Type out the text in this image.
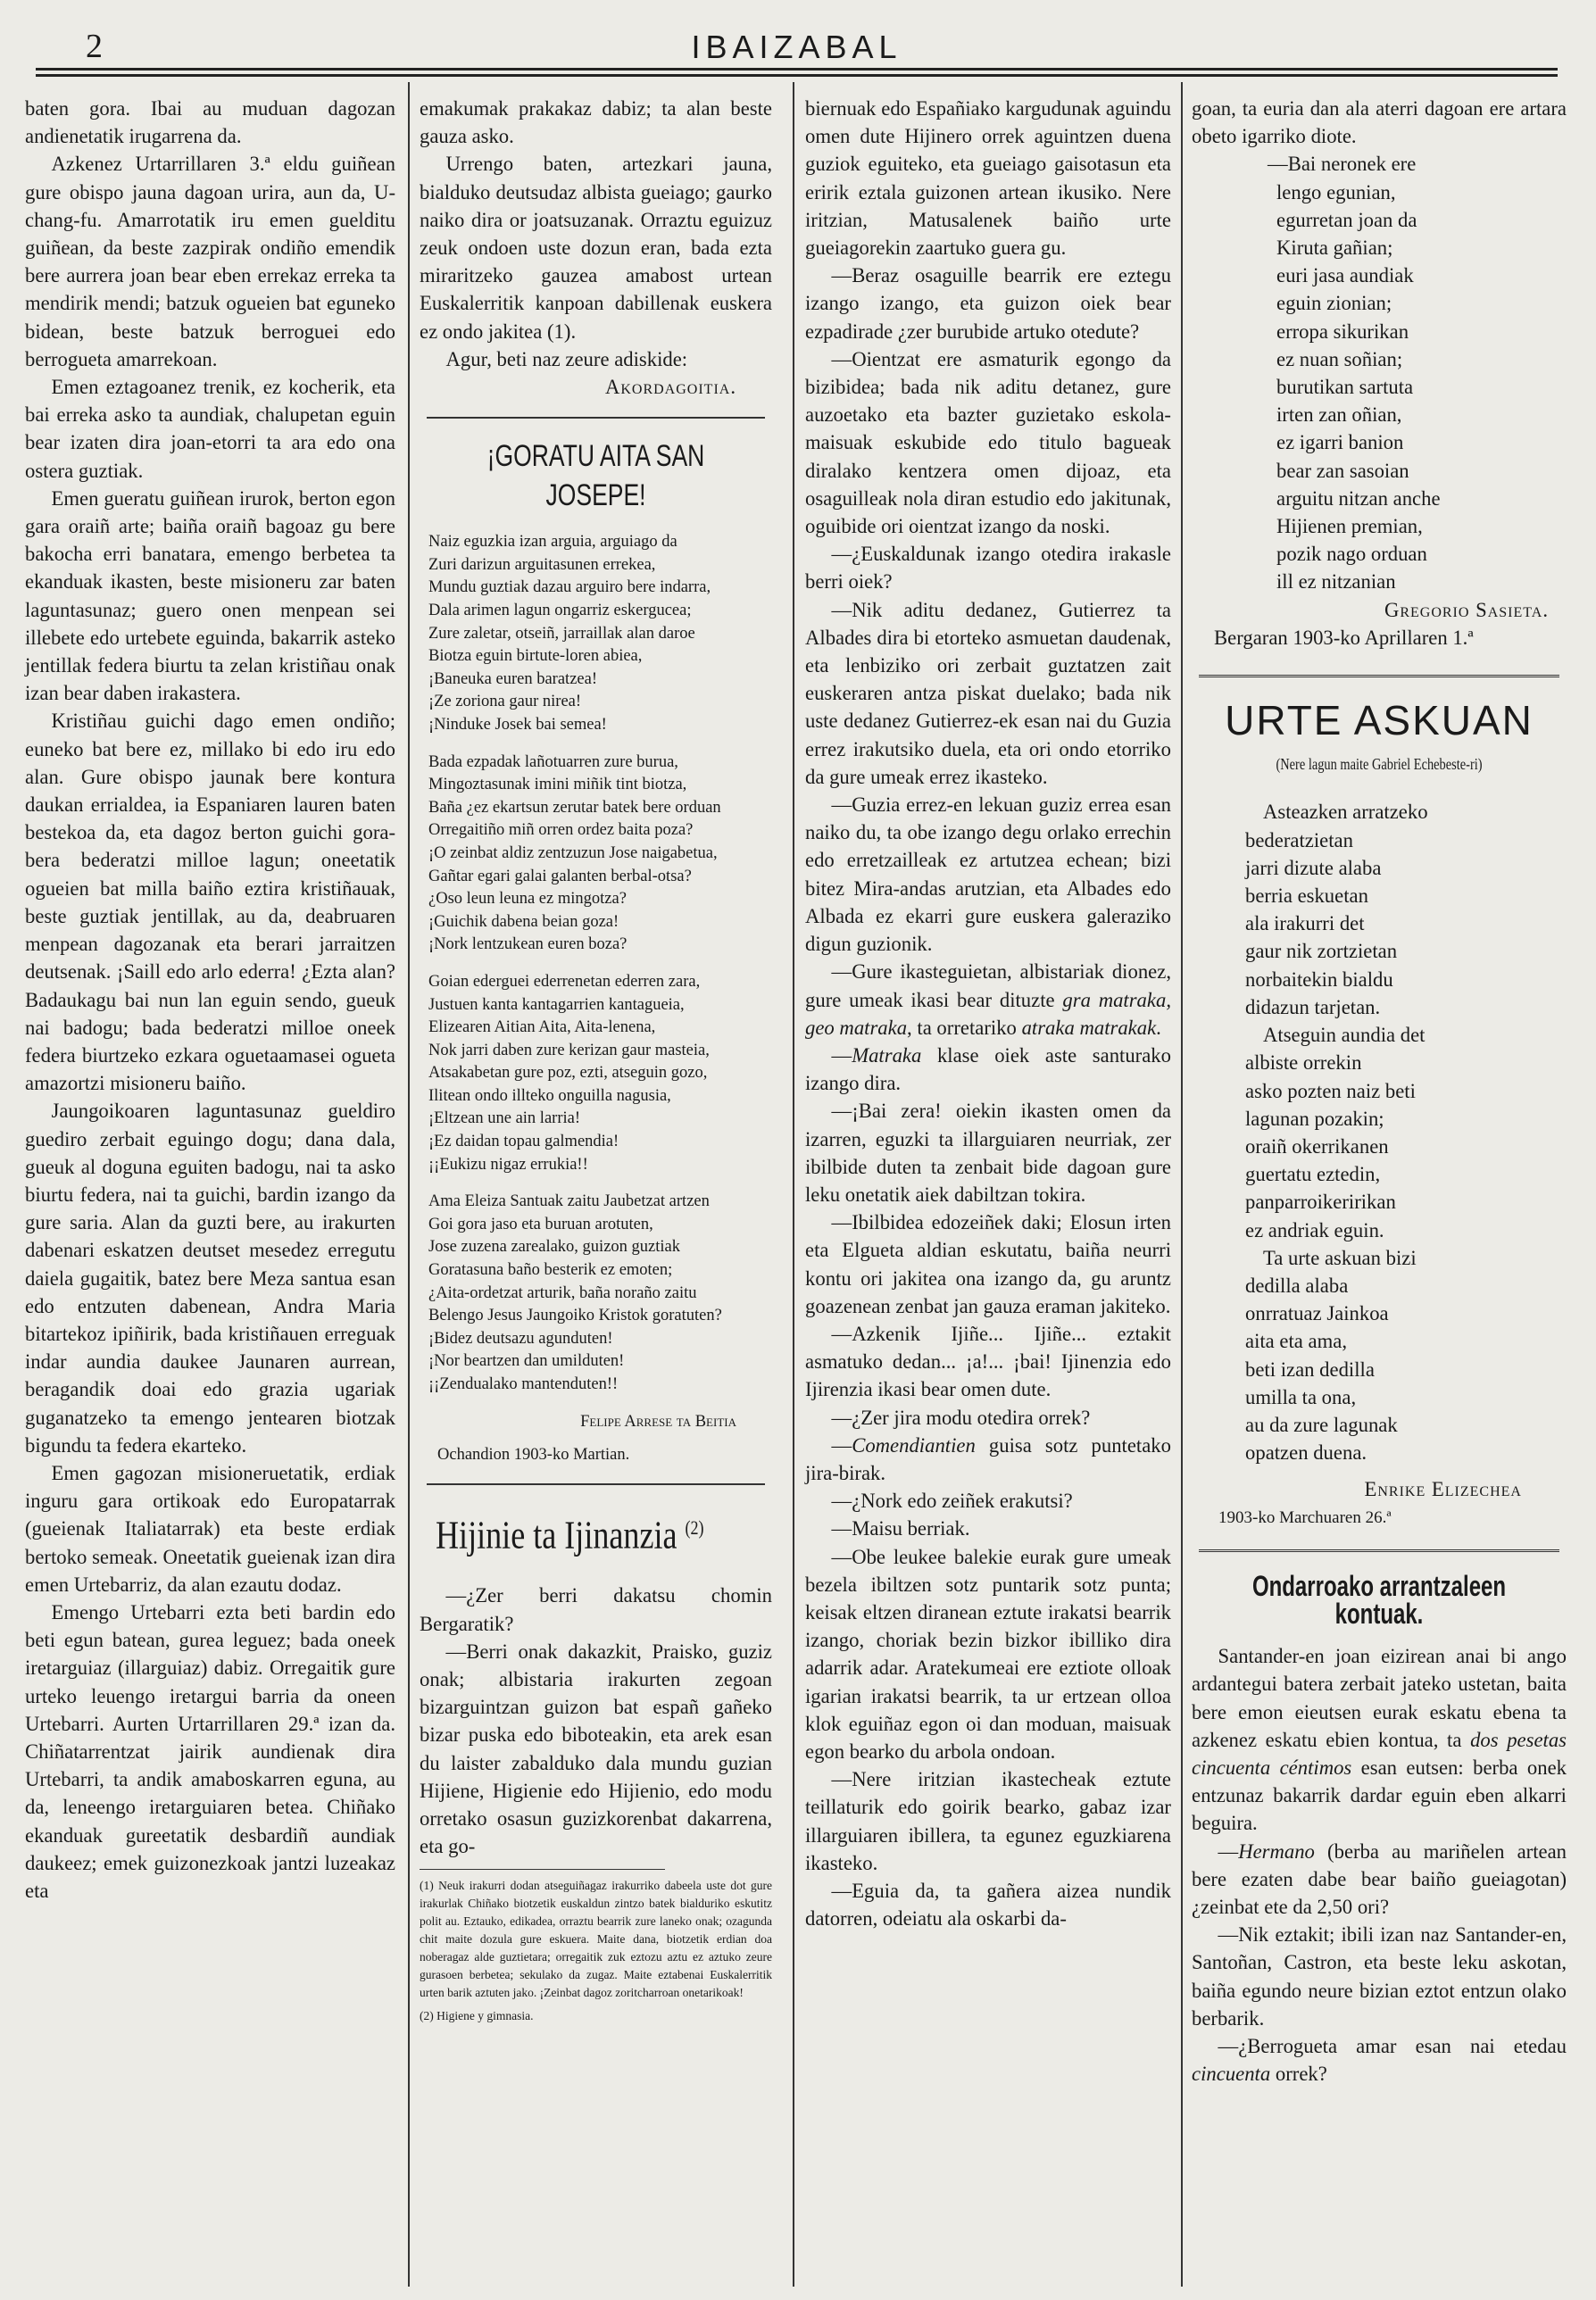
2	IBAIZABAL

baten gora. Ibai au muduan dagozan andienetatik irugarrena da.

Azkenez Urtarrillaren 3.ª eldu guiñean gure obispo jauna dagoan urira, aun da, U-chang-fu. Amarrotatik iru emen guelditu guiñean, da beste zazpirak ondiño emendik bere aurrera joan bear eben errekaz erreka ta mendirik mendi; batzuk ogueien bat eguneko bidean, beste batzuk berroguei edo berrogueta amarrekoan.

Emen eztagoanez trenik, ez kocherik, eta bai erreka asko ta aundiak, chalupetan eguin bear izaten dira joan-etorri ta ara edo ona ostera guztiak.

Emen gueratu guiñean irurok, berton egon gara oraiñ arte; baiña oraiñ bagoaz gu bere bakocha erri banatara, emengo berbetea ta ekanduak ikasten, beste misioneru zar baten laguntasunaz; guero onen menpean sei illebete edo urtebete eguinda, bakarrik asteko jentillak federa biurtu ta zelan kristiñau onak izan bear daben irakastera.

Kristiñau guichi dago emen ondiño; euneko bat bere ez, millako bi edo iru edo alan. Gure obispo jaunak bere kontura daukan errialdea, ia Espaniaren lauren baten bestekoa da, eta dagoz berton guichi gora-bera bederatzi milloe lagun; oneetatik ogueien bat milla baiño eztira kristiñauak, beste guztiak jentillak, au da, deabruaren menpean dagozanak eta berari jarraitzen deutsenak. ¡Saill edo arlo ederra! ¿Ezta alan? Badaukagu bai nun lan eguin sendo, gueuk nai badogu; bada bederatzi milloe oneek federa biurtzeko ezkara oguetaamasei ogueta amazortzi misioneru baiño.

Jaungoikoaren laguntasunaz gueldiro guediro zerbait eguingo dogu; dana dala, gueuk al doguna eguiten badogu, nai ta asko biurtu federa, nai ta guichi, bardin izango da gure saria. Alan da guzti bere, au irakurten dabenari eskatzen deutset mesedez erregutu daiela gugaitik, batez bere Meza santua esan edo entzuten dabenean, Andra Maria bitartekoz ipiñirik, bada kristiñauen erreguak indar aundia daukee Jaunaren aurrean, beragandik doai edo grazia ugariak guganatzeko ta emengo jentearen biotzak bigundu ta federa ekarteko.

Emen gagozan misioneruetatik, erdiak inguru gara ortikoak edo Europatarrak (gueienak Italiatarrak) eta beste erdiak bertoko semeak. Oneetatik gueienak izan dira emen Urtebarriz, da alan ezautu dodaz.

Emengo Urtebarri ezta beti bardin edo beti egun batean, gurea leguez; bada oneek iretarguiaz (illarguiaz) dabiz. Orregaitik gure urteko leuengo iretargui barria da oneen Urtebarri. Aurten Urtarrillaren 29.ª izan da. Chiñatarrentzat jairik aundienak dira Urtebarri, ta andik amaboskarren eguna, au da, leneengo iretarguiaren betea. Chiñako ekanduak gureetatik desbardiñ aundiak daukeez; emek guizonezkoak jantzi luzeakaz eta

emakumak prakakaz dabiz; ta alan beste gauza asko.

Urrengo baten, artezkari jauna, bialduko deutsudaz albista gueiago; gaurko naiko dira or joatsuzanak. Orraztu eguizuz zeuk ondoen uste dozun eran, bada ezta miraritzeko gauzea amabost urtean Euskalerritik kanpoan dabillenak euskera ez ondo jakitea (1).

Agur, beti naz zeure adiskide:

Akordagoitia.
¡GORATU AITA SAN JOSEPE!
Naiz eguzkia izan arguia, arguiago da
Zuri darizun arguitasunen errekea,
Mundu guztiak dazau arguiro bere indarra,
Dala arimen lagun ongarriz eskergucea;
Zure zaletar, otseiñ, jarraillak alan daroe
Biotza eguin birtute-loren abiea,
¡Baneuka euren baratzea!
¡Ze zoriona gaur nirea!
¡Ninduke Josek bai semea!
Bada ezpadak lañotuarren zure burua,
Mingoztasunak imini miñik tint biotza,
Baña ¿ez ekartsun zerutar batek bere orduan
Orregaitiño miñ orren ordez baita poza?
¡O zeinbat aldiz zentzuzun Jose naigabetua,
Gañtar egari galai galanten berbal-otsa?
¿Oso leun leuna ez mingotza?
¡Guichik dabena beian goza!
¡Nork lentzukean euren boza?
Goian ederguei ederrenetan ederren zara,
Justuen kanta kantagarrien kantagueia,
Elizearen Aitian Aita, Aita-lenena,
Nok jarri daben zure kerizan gaur masteia,
Atsakabetan gure poz, ezti, atseguin gozo,
Ilitean ondo illteko onguilla nagusia,
¡Eltzean une ain larria!
¡Ez daidan topau galmendia!
¡¡Eukizu nigaz errukia!!
Ama Eleiza Santuak zaitu Jaubetzat artzen
Goi gora jaso eta buruan arotuten,
Jose zuzena zarealako, guizon guztiak
Goratasuna baño besterik ez emoten;
¿Aita-ordetzat arturik, baña noraño zaitu
Belengo Jesus Jaungoiko Kristok goratuten?
¡Bidez deutsazu agunduten!
¡Nor beartzen dan umilduten!
¡¡Zendualako mantenduten!!
Felipe Arrese ta Beitia
Ochandion 1903-ko Martian.
Hijinie ta Ijinanzia $^{(2)}$

—¿Zer berri dakatsu chomin Bergaratik?

—Berri onak dakazkit, Praisko, guziz onak; albistaria irakurten zegoan bizarguintzan guizon bat españ gañeko bizar puska edo biboteakin, eta arek esan du laister zabalduko dala mundu guzian Hijiene, Higienie edo Hijienio, edo modu orretako osasun guzizkorenbat dakarrena, eta go-

(1) Neuk irakurri dodan atseguiñagaz irakurriko dabeela uste dot gure irakurlak Chiñako biotzetik euskaldun zintzo batek bialduriko eskutitz polit au. Eztauko, edikadea, orraztu bearrik zure laneko onak; ozagunda chit maite dozula gure eskuera. Maite dana, biotzetik erdian doa noberagaz alde guztietara; orregaitik zuk eztozu aztu ez aztuko zeure gurasoen berbetea; sekulako da zugaz. Maite eztabenai Euskalerritik urten barik aztuten jako. ¡Zeinbat dagoz zoritcharroan onetarikoak!
(2) Higiene y gimnasia.

biernuak edo Españiako kargudunak aguindu omen dute Hijinero orrek aguintzen duena guziok eguiteko, eta gueiago gaisotasun eta eririk eztala guizonen artean ikusiko. Nere iritzian, Matusalenek baiño urte gueiagorekin zaartuko guera gu.

—Beraz osaguille bearrik ere eztegu izango izango, eta guizon oiek bear ezpadirade ¿zer burubide artuko otedute?

—Oientzat ere asmaturik egongo da bizibidea; bada nik aditu detanez, gure auzoetako eta bazter guzietako eskola-maisuak eskubide edo titulo bagueak diralako kentzera omen dijoaz, eta osaguilleak nola diran estudio edo jakitunak, oguibide ori oientzat izango da noski.

—¿Euskaldunak izango otedira irakasle berri oiek?

—Nik aditu dedanez, Gutierrez ta Albades dira bi etorteko asmuetan daudenak, eta lenbiziko ori zerbait guztatzen zait euskeraren antza piskat duelako; bada nik uste dedanez Gutierrez-ek esan nai du Guzia errez irakutsiko duela, eta ori ondo etorriko da gure umeak errez ikasteko.

—Guzia errez-en lekuan guziz errea esan naiko du, ta obe izango degu orlako errechin edo erretzailleak ez artutzea echean; bizi bitez Mira-andas arutzian, eta Albades edo Albada ez ekarri gure euskera galeraziko digun guzionik.

—Gure ikasteguietan, albistariak dionez, gure umeak ikasi bear dituzte gra matraka, geo matraka, ta orretariko atraka matrakak.

—Matraka klase oiek aste santurako izango dira.

—¡Bai zera! oiekin ikasten omen da izarren, eguzki ta illarguiaren neurriak, zer ibilbide duten ta zenbait bide dagoan gure leku onetatik aiek dabiltzan tokira.

—Ibilbidea edozeiñek daki; Elosun irten eta Elgueta aldian eskutatu, baiña neurri kontu ori jakitea ona izango da, gu aruntz goazenean zenbat jan gauza eraman jakiteko.

—Azkenik Ijiñe... Ijiñe... eztakit asmatuko dedan... ¡a!... ¡bai! Ijinenzia edo Ijirenzia ikasi bear omen dute.

—¿Zer jira modu otedira orrek?

—Comendiantien guisa sotz puntetako jira-birak.

—¿Nork edo zeiñek erakutsi?

—Maisu berriak.

—Obe leukee balekie eurak gure umeak bezela ibiltzen sotz puntarik sotz punta; keisak eltzen diranean eztute irakatsi bearrik izango, choriak bezin bizkor ibilliko dira adarrik adar. Aratekumeai ere eztiote olloak igarian irakatsi bearrik, ta ur ertzean olloa klok eguiñaz egon oi dan moduan, maisuak egon bearko du arbola ondoan.

—Nere iritzian ikastecheak eztute teillaturik edo goirik bearko, gabaz izar illarguiaren ibillera, ta egunez eguzkiarena ikasteko.

—Eguia da, ta gañera aizea nundik datorren, odeiatu ala oskarbi da-

goan, ta euria dan ala aterri dagoan ere artara obeto igarriko diote.

—Bai neronek ere
lengo egunian,
egurretan joan da
Kiruta gañian;
euri jasa aundiak
eguin zionian;
erropa sikurikan
ez nuan soñian;
burutikan sartuta
irten zan oñian,
ez igarri banion
bear zan sasoian
arguitu nitzan anche
Hijienen premian,
pozik nago orduan
ill ez nitzanian
Gregorio Sasieta.
Bergaran 1903-ko Aprillaren 1.ª
URTE ASKUAN
(Nere lagun maite Gabriel Echebeste-ri)
Asteazken arratzeko
bederatzietan
jarri dizute alaba
berria eskuetan
ala irakurri det
gaur nik zortzietan
norbaitekin bialdu
didazun tarjetan.
Atseguin aundia det
albiste orrekin
asko pozten naiz beti
lagunan pozakin;
oraiñ okerrikanen
guertatu eztedin,
panparroikeririkan
ez andriak eguin.
Ta urte askuan bizi
dedilla alaba
onrratuaz Jainkoa
aita eta ama,
beti izan dedilla
umilla ta ona,
au da zure lagunak
opatzen duena.
Enrike Elizechea
1903-ko Marchuaren 26.ª
Ondarroako arrantzaleen kontuak.

Santander-en joan eizirean anai bi ango ardantegui batera zerbait jateko ustetan, baita bere emon eieutsen eurak eskatu ebena ta azkenez eskatu ebien kontua, ta dos pesetas cincuenta céntimos esan eutsen: berba onek entzunaz bakarrik dardar eguin eben alkarri beguira.

—Hermano (berba au mariñelen artean bere ezaten dabe bear baiño gueiagotan) ¿zeinbat ete da 2,50 ori?

—Nik eztakit; ibili izan naz Santander-en, Santoñan, Castron, eta beste leku askotan, baiña egundo neure bizian eztot entzun olako berbarik.

—¿Berrogueta amar esan nai etedau cincuenta orrek?
